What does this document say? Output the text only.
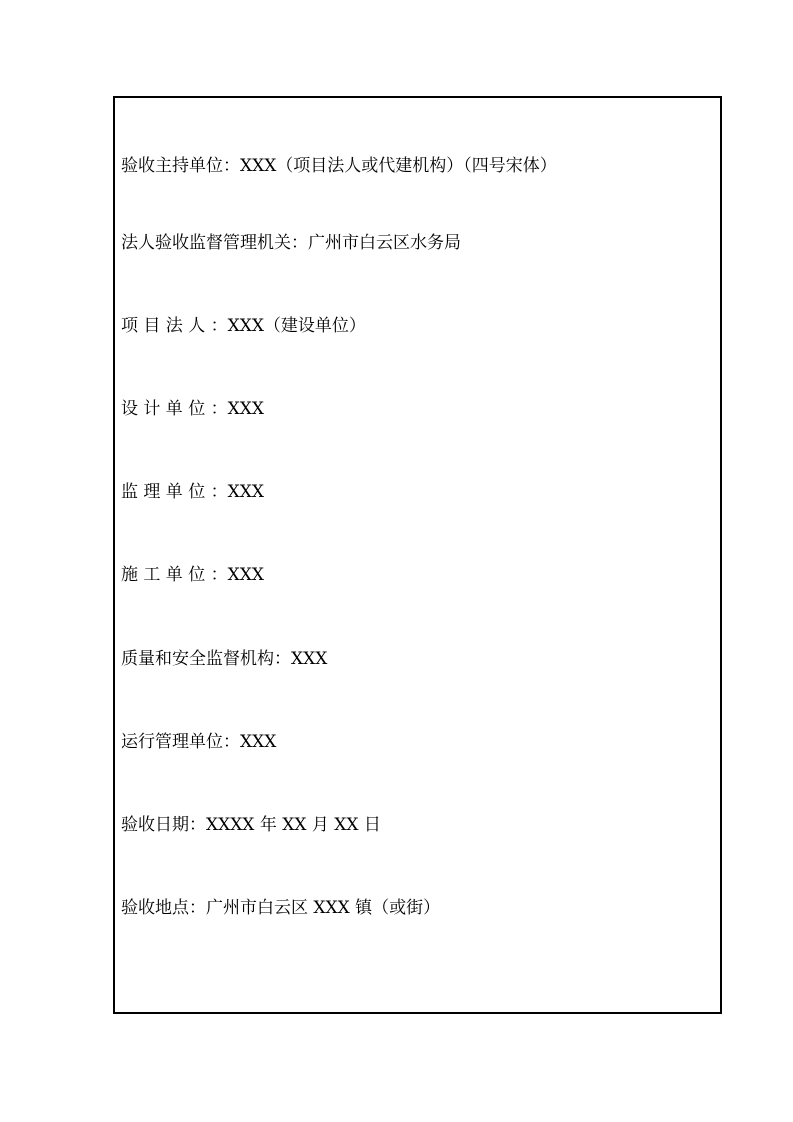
验收主持单位：XXX（项目法人或代建机构）（四号宋体）
法人验收监督管理机关：广州市白云区水务局
项 目 法 人 ：XXX（建设单位）
设 计 单 位 ：XXX
监 理 单 位 ：XXX
施 工 单 位 ：XXX
质量和安全监督机构：XXX
运行管理单位：XXX
验收日期：XXXX 年 XX 月 XX 日
验收地点：广州市白云区 XXX 镇（或街）
